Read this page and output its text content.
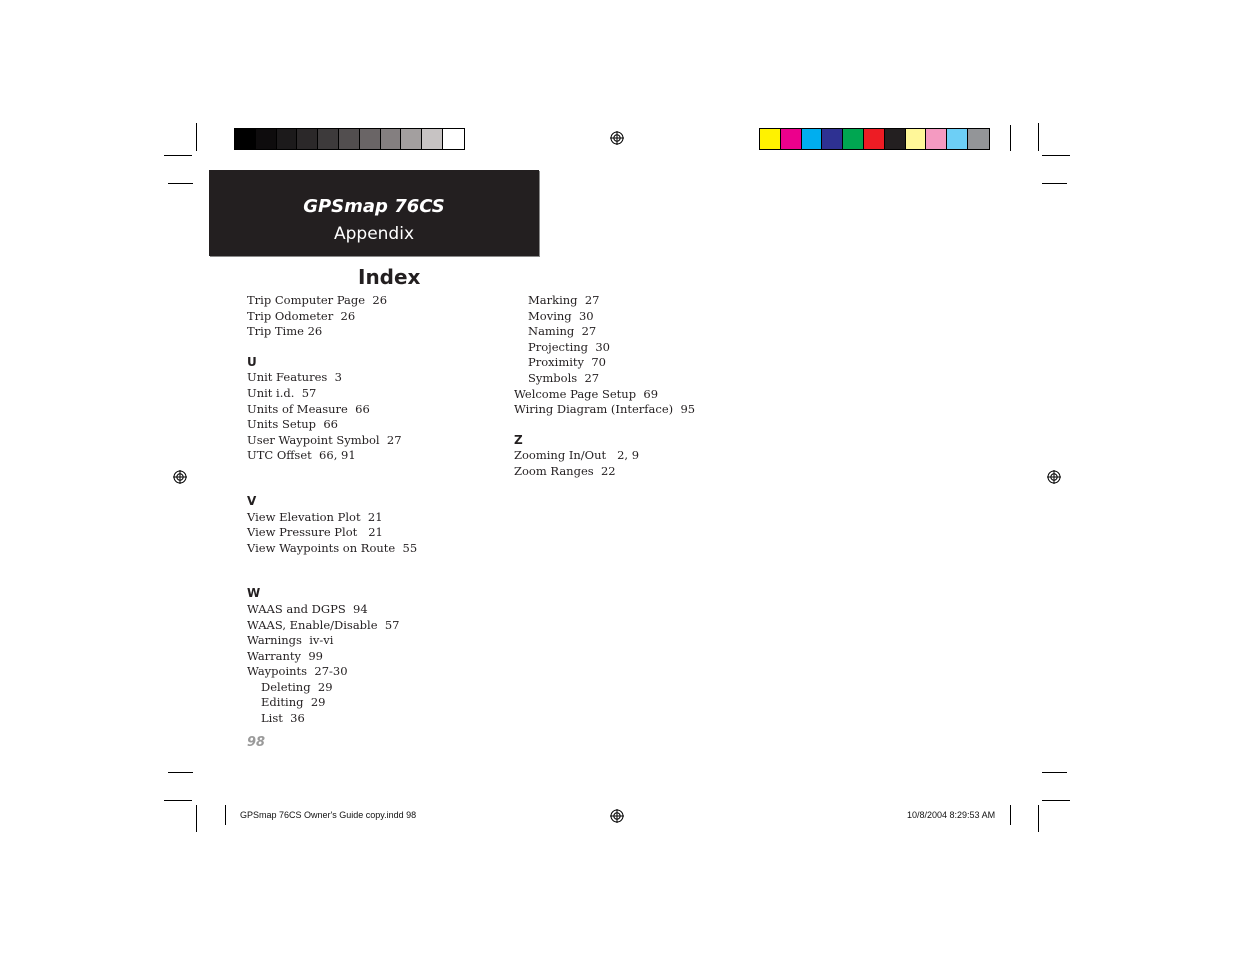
GPSmap 76CS
Appendix
Index
Trip Computer Page  26
Trip Odometer  26
Trip Time 26
U
Unit Features  3
Unit i.d.  57
Units of Measure  66
Units Setup  66
User Waypoint Symbol  27
UTC Offset  66, 91
V
View Elevation Plot  21
View Pressure Plot   21
View Waypoints on Route  55
W
WAAS and DGPS  94
WAAS, Enable/Disable  57
Warnings  iv-vi
Warranty  99
Waypoints  27-30
Deleting  29
Editing  29
List  36
Marking  27
Moving  30
Naming  27
Projecting  30
Proximity  70
Symbols  27
Welcome Page Setup  69
Wiring Diagram (Interface)  95
Z
Zooming In/Out   2, 9
Zoom Ranges  22
98
GPSmap 76CS Owner's Guide copy.indd 98	10/8/2004 8:29:53 AM
